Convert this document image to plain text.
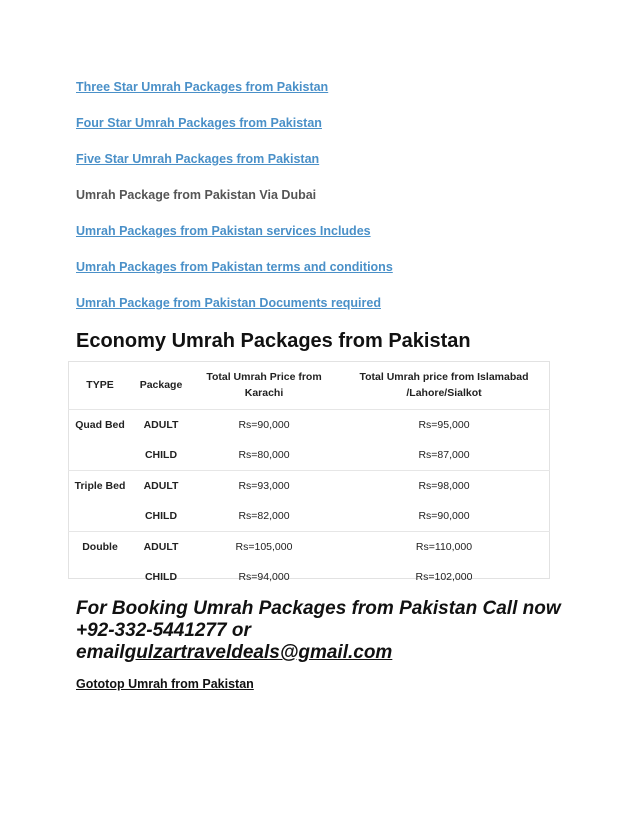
Three Star Umrah Packages from Pakistan
Four Star Umrah Packages from Pakistan
Five Star Umrah Packages from Pakistan
Umrah Package from Pakistan Via Dubai
Umrah Packages from Pakistan services Includes
Umrah Packages from Pakistan terms and conditions
Umrah Package from Pakistan Documents required
Economy Umrah Packages from Pakistan
TYPE	Package	Total Umrah Price from Karachi	Total Umrah price from Islamabad /Lahore/Sialkot
Quad Bed	ADULT	Rs=90,000	Rs=95,000
	CHILD	Rs=80,000	Rs=87,000
Triple Bed	ADULT	Rs=93,000	Rs=98,000
	CHILD	Rs=82,000	Rs=90,000
Double	ADULT	Rs=105,000	Rs=110,000
	CHILD	Rs=94,000	Rs=102,000
For Booking Umrah Packages from Pakistan Call now
+92-332-5441277 or
emailgulzartraveldeals@gmail.com
Gototop Umrah from Pakistan
